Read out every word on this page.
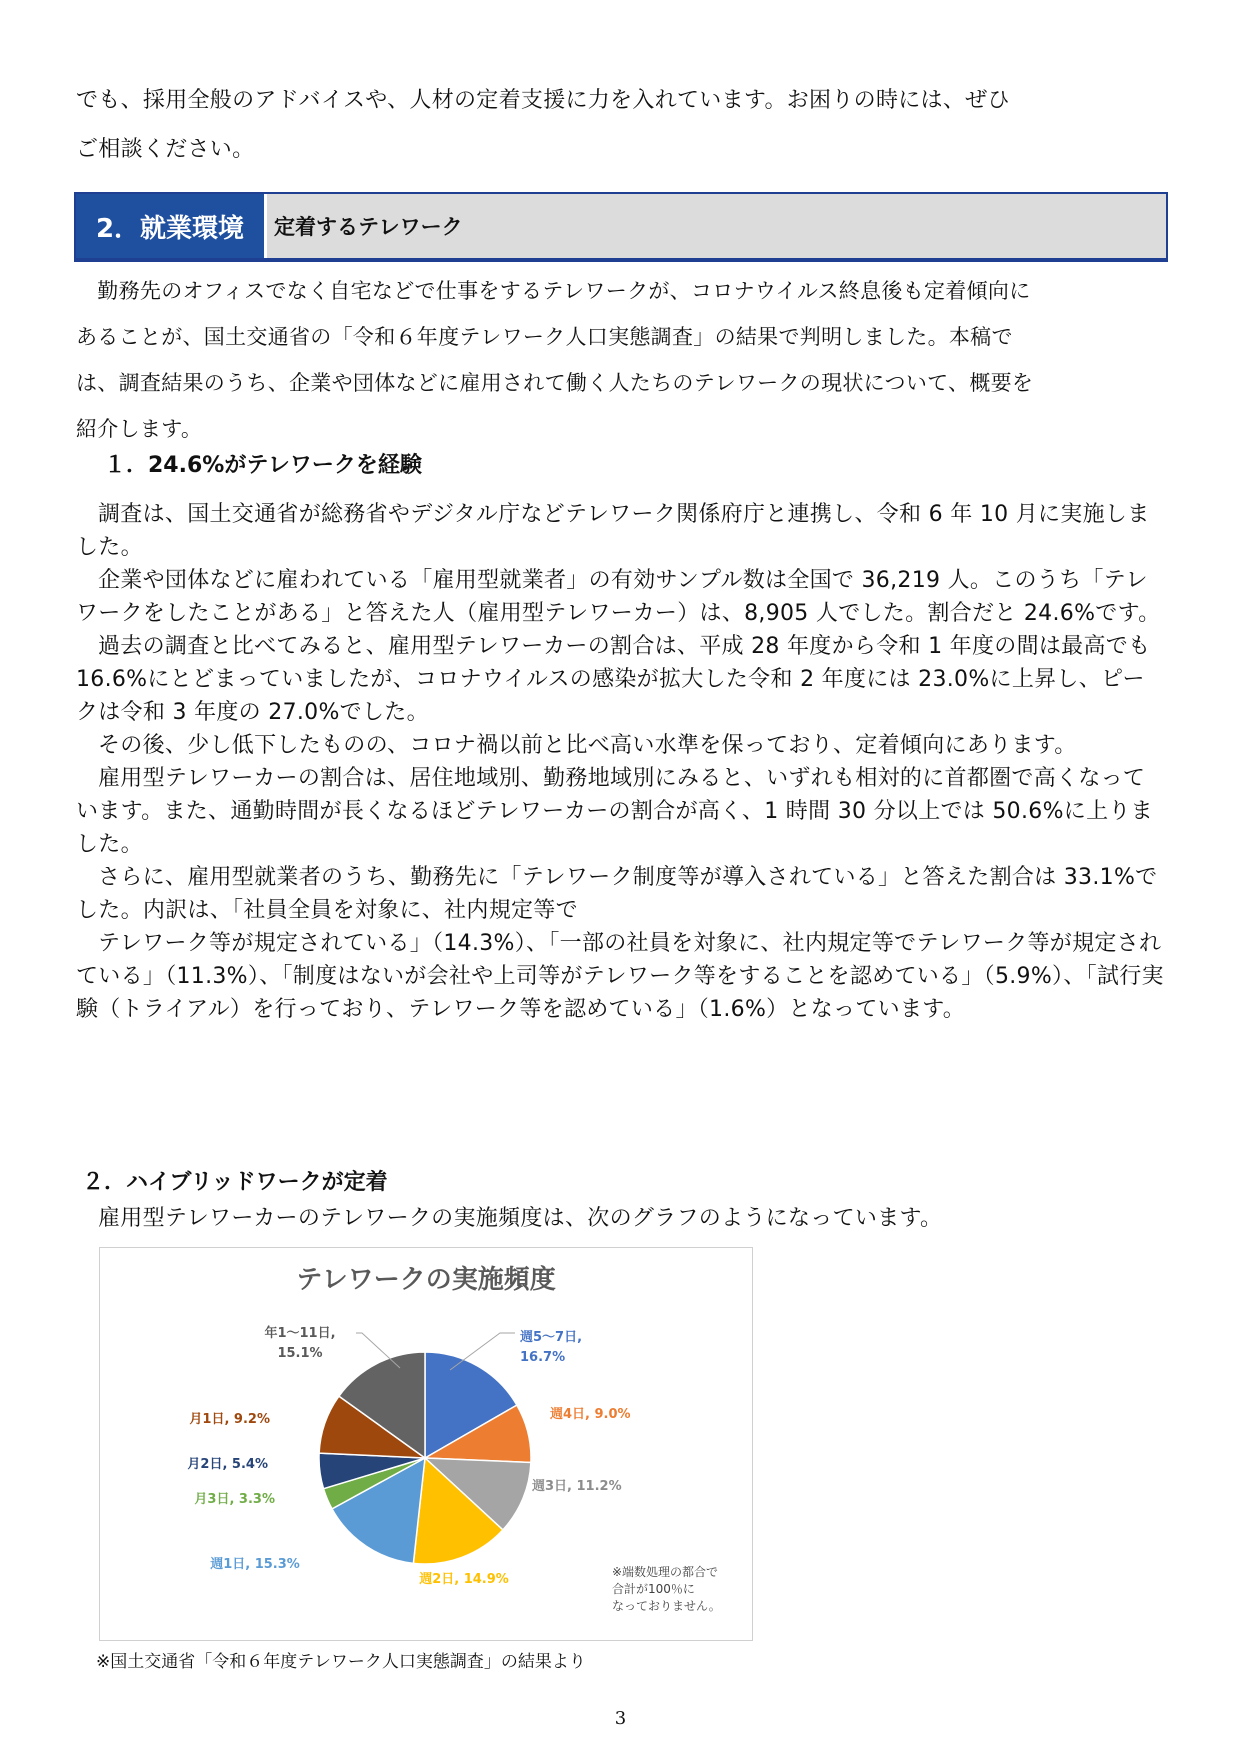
でも、採用全般のアドバイスや、人材の定着支援に力を入れています。お困りの時には、ぜひ
ご相談ください。
2．就業環境	定着するテレワーク
　勤務先のオフィスでなく自宅などで仕事をするテレワークが、コロナウイルス終息後も定着傾向に
あることが、国土交通省の「令和６年度テレワーク人口実態調査」の結果で判明しました。本稿で
は、調査結果のうち、企業や団体などに雇用されて働く人たちのテレワークの現状について、概要を
紹介します。
１．24.6%がテレワークを経験

調査は、国土交通省が総務省やデジタル庁などテレワーク関係府庁と連携し、令和 6 年 10 月に実施しました。

企業や団体などに雇われている「雇用型就業者」の有効サンプル数は全国で 36,219 人。このうち「テレワークをしたことがある」と答えた人（雇用型テレワーカー）は、8,905 人でした。割合だと 24.6%です。

過去の調査と比べてみると、雇用型テレワーカーの割合は、平成 28 年度から令和 1 年度の間は最高でも 16.6%にとどまっていましたが、コロナウイルスの感染が拡大した令和 2 年度には 23.0%に上昇し、ピークは令和 3 年度の 27.0%でした。

その後、少し低下したものの、コロナ禍以前と比べ高い水準を保っており、定着傾向にあります。

雇用型テレワーカーの割合は、居住地域別、勤務地域別にみると、いずれも相対的に首都圏で高くなっています。また、通勤時間が長くなるほどテレワーカーの割合が高く、1 時間 30 分以上では 50.6%に上りました。

さらに、雇用型就業者のうち、勤務先に「テレワーク制度等が導入されている」と答えた割合は 33.1%でした。内訳は、「社員全員を対象に、社内規定等で

テレワーク等が規定されている」（14.3%）、「一部の社員を対象に、社内規定等でテレワーク等が規定されている」（11.3%）、「制度はないが会社や上司等がテレワーク等をすることを認めている」（5.9%）、「試行実験（トライアル）を行っており、テレワーク等を認めている」（1.6%）となっています。

２．ハイブリッドワークが定着
雇用型テレワーカーのテレワークの実施頻度は、次のグラフのようになっています。
テレワークの実施頻度
週5～7日, 16.7%
週4日, 9.0%
週3日, 11.2%
週2日, 14.9%
週1日, 15.3%
月3日, 3.3%
月2日, 5.4%
月1日, 9.2%
年1～11日, 15.1%
※端数処理の都合で
合計が100％に
なっておりません。

※国土交通省「令和６年度テレワーク人口実態調査」の結果より

3
